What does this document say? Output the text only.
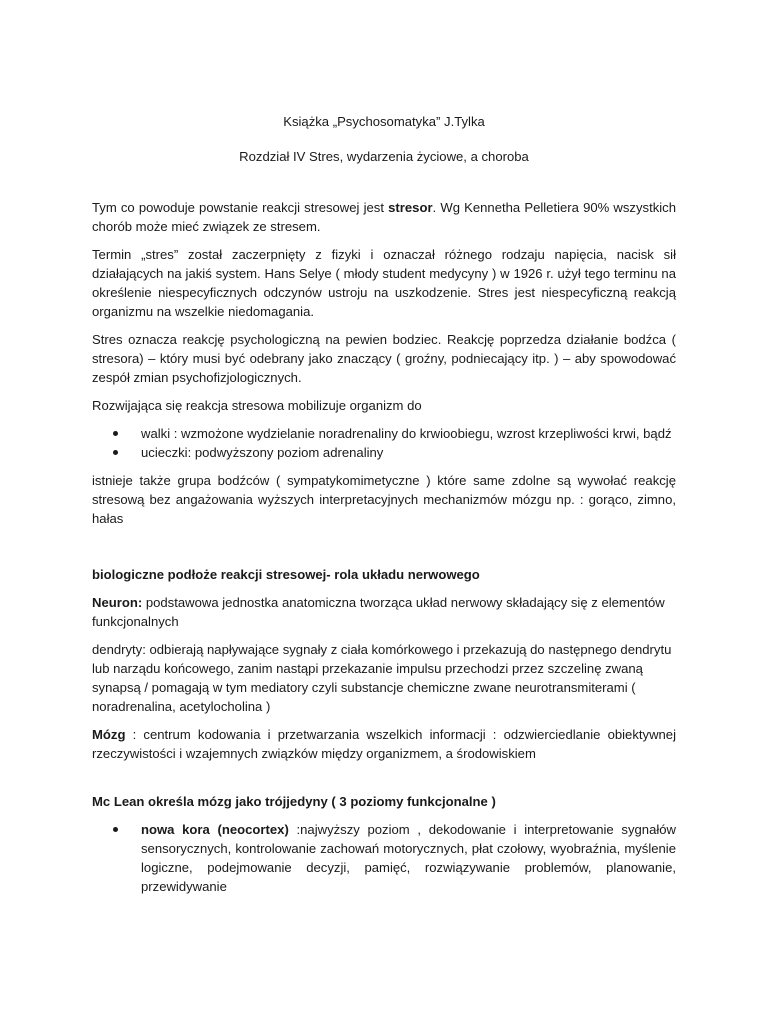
Książka „Psychosomatyka” J.Tylka

Rozdział IV Stres, wydarzenia życiowe, a choroba

Tym co powoduje powstanie reakcji stresowej jest stresor. Wg Kennetha Pelletiera 90% wszystkich chorób może mieć związek ze stresem.

Termin „stres” został zaczerpnięty z fizyki i oznaczał różnego rodzaju napięcia, nacisk sił działających na jakiś system. Hans Selye ( młody student medycyny ) w 1926 r. użył tego terminu na określenie niespecyficznych odczynów ustroju na uszkodzenie. Stres jest niespecyficzną reakcją organizmu na wszelkie niedomagania.

Stres oznacza reakcję psychologiczną na pewien bodziec. Reakcję poprzedza działanie bodźca ( stresora) – który musi być odebrany jako znaczący ( groźny, podniecający itp. ) – aby spowodować zespół zmian psychofizjologicznych.

Rozwijająca się reakcja stresowa mobilizuje organizm do

walki : wzmożone wydzielanie noradrenaliny do krwioobiegu, wzrost krzepliwości krwi, bądź
ucieczki: podwyższony poziom adrenaliny

istnieje także grupa bodźców ( sympatykomimetyczne ) które same zdolne są wywołać reakcję stresową bez angażowania wyższych interpretacyjnych mechanizmów mózgu np. : gorąco, zimno, hałas

biologiczne podłoże reakcji stresowej- rola układu nerwowego

Neuron: podstawowa jednostka anatomiczna tworząca układ nerwowy składający się z elementów funkcjonalnych

dendryty: odbierają napływające sygnały z ciała komórkowego i przekazują do następnego dendrytu lub narządu końcowego, zanim nastąpi przekazanie impulsu przechodzi przez szczelinę zwaną synapsą / pomagają w tym mediatory czyli substancje chemiczne zwane neurotransmiterami ( noradrenalina, acetylocholina )

Mózg : centrum kodowania i przetwarzania wszelkich informacji : odzwierciedlanie obiektywnej rzeczywistości i wzajemnych związków między organizmem, a środowiskiem

Mc Lean określa mózg jako trójjedyny ( 3 poziomy funkcjonalne )

nowa kora (neocortex) :najwyższy poziom , dekodowanie i interpretowanie sygnałów sensorycznych, kontrolowanie zachowań motorycznych, płat czołowy, wyobraźnia, myślenie logiczne, podejmowanie decyzji, pamięć, rozwiązywanie problemów, planowanie, przewidywanie
